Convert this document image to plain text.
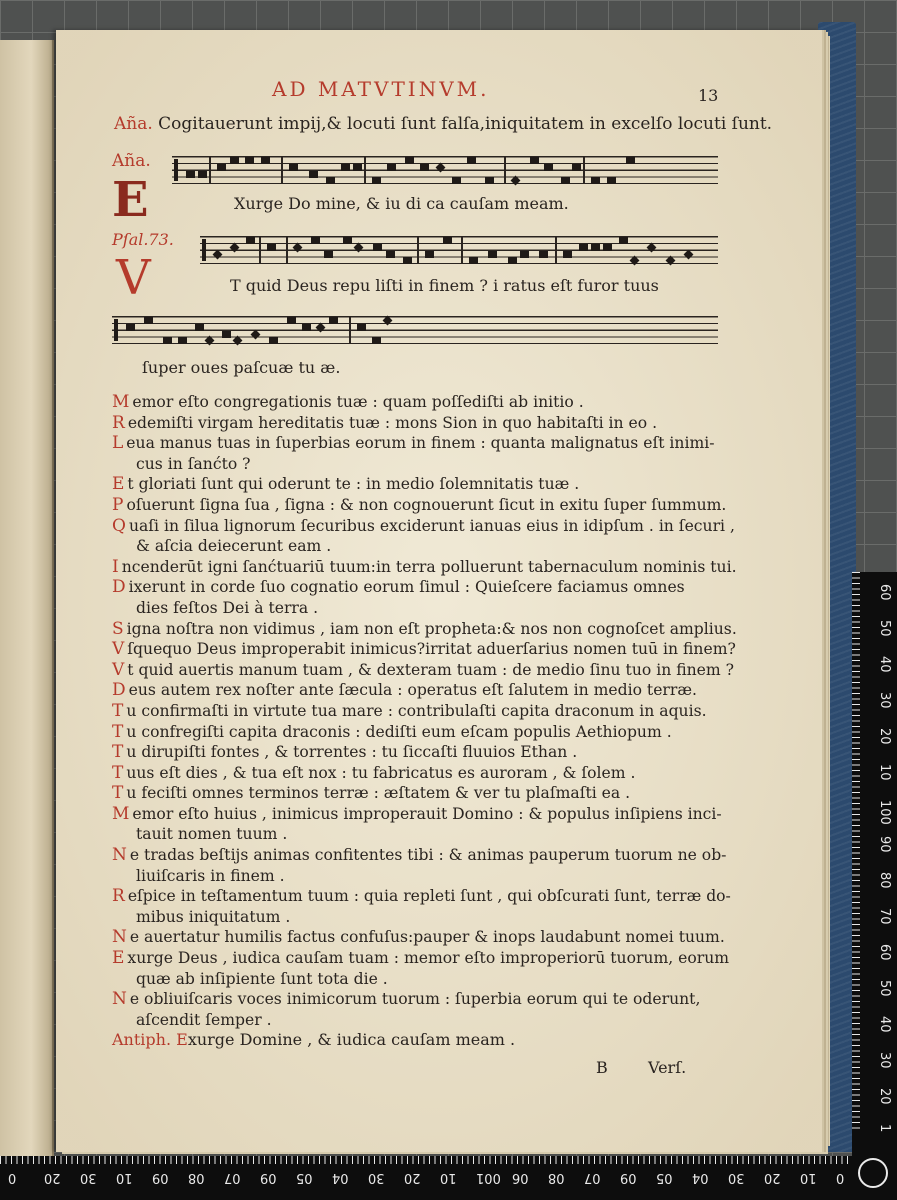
AD MATVTINVM.	13
Aña. Cogitauerunt impij,& locuti ſunt falſa,iniquitatem in excelſo locuti ſunt.
Aña.
E
Pſal.73.
V
Xurge Do mine, & iu di ca cauſam meam.
T quid Deus repu liſti in finem ? i ratus eſt furor tuus
ſuper oues paſcuæ tu æ.
M emor eſto congregationis tuæ : quam poſſediſti ab initio .
R edemiſti virgam hereditatis tuæ : mons Sion in quo habitaſti in eo .
L eua manus tuas in ſuperbias eorum in finem : quanta malignatus eſt inimi-
cus in ſanćto ?
E t gloriati ſunt qui oderunt te : in medio ſolemnitatis tuæ .
P oſuerunt ſigna ſua , ſigna : & non cognouerunt ſicut in exitu ſuper ſummum.
Q uaſi in ſilua lignorum ſecuribus exciderunt ianuas eius in idipſum . in ſecuri ,
& aſcia deiecerunt eam .
I ncenderūt igni ſanćtuariū tuum:in terra polluerunt tabernaculum nominis tui.
D ixerunt in corde ſuo cognatio eorum ſimul : Quieſcere faciamus omnes
dies feſtos Dei à terra .
S igna noſtra non vidimus , iam non eſt propheta:& nos non cognoſcet amplius.
V ſquequo Deus improperabit inimicus?irritat aduerſarius nomen tuū in finem?
V t quid auertis manum tuam , & dexteram tuam : de medio ſinu tuo in finem ?
D eus autem rex noſter ante ſæcula : operatus eſt ſalutem in medio terræ.
T u confirmaſti in virtute tua mare : contribulaſti capita draconum in aquis.
T u confregiſti capita draconis : dediſti eum eſcam populis Aethiopum .
T u dirupiſti fontes , & torrentes : tu ſiccaſti fluuios Ethan .
T uus eſt dies , & tua eſt nox : tu fabricatus es auroram , & ſolem .
T u feciſti omnes terminos terræ : æſtatem & ver tu plaſmaſti ea .
M emor eſto huius , inimicus improperauit Domino : & populus inſipiens inci-
tauit nomen tuum .
N e tradas beſtijs animas confitentes tibi : & animas pauperum tuorum ne ob-
liuiſcaris in finem .
R eſpice in teſtamentum tuum : quia repleti ſunt , qui obſcurati ſunt, terræ do-
mibus iniquitatum .
N e auertatur humilis factus confuſus:pauper & inops laudabunt nomei tuum.
E xurge Deus , iudica cauſam tuam : memor eſto improperiorū tuorum, eorum
quæ ab inſipiente ſunt tota die .
N e obliuiſcaris voces inimicorum tuorum : ſuperbia eorum qui te oderunt,
aſcendit ſemper .
Antiph. Exurge Domine , & iudica cauſam meam .
B	Verſ.
60
50
40
30
20
10
100
90
80
70
60
50
40
30
20
0 20 30 10 09 08 07 09 05 04 30 20 10 001 06 08 07 09 05 04 30 20 10 0
